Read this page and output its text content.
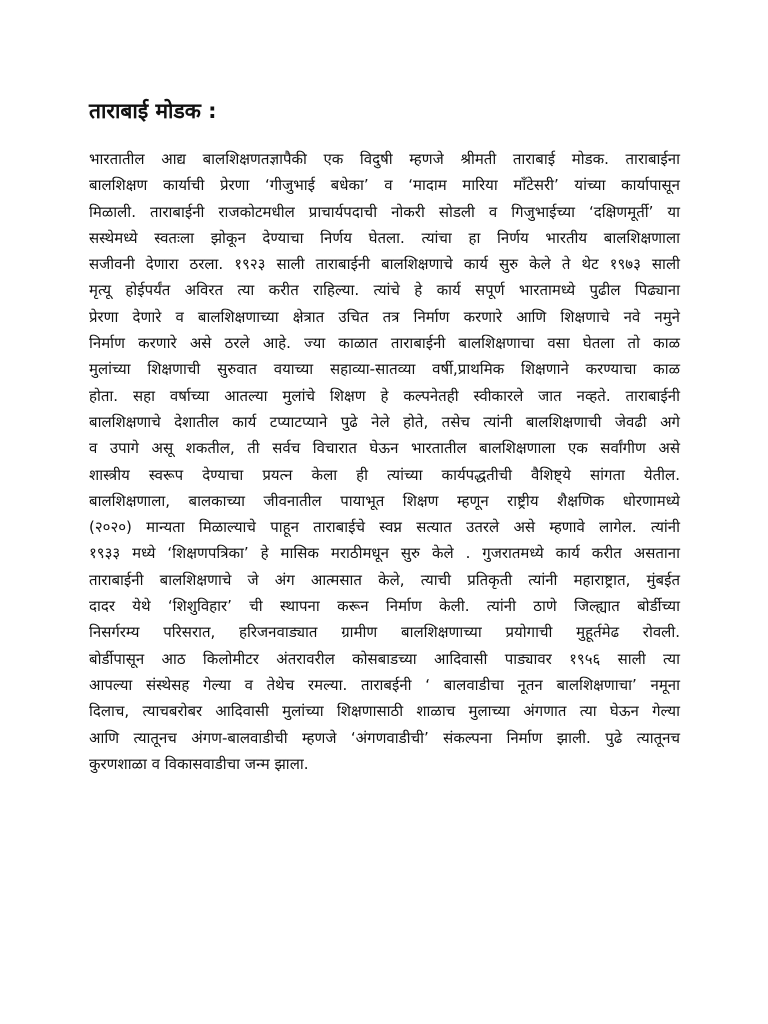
ताराबाई मोडक :
भारतातील आद्य बालशिक्षणतज्ञापैकी एक विदुषी म्हणजे श्रीमती ताराबाई मोडक. ताराबाईना
बालशिक्षण कार्याची प्रेरणा ‘गीजुभाई बधेका’ व ‘मादाम मारिया माँटेसरी’ यांच्या कार्यापासून
मिळाली. ताराबाईनी राजकोटमधील प्राचार्यपदाची नोकरी सोडली व गिजुभाईच्या ‘दक्षिणमूर्ती’ या
सस्थेमध्ये स्वतःला झोकून देण्याचा निर्णय घेतला. त्यांचा हा निर्णय भारतीय बालशिक्षणाला
सजीवनी देणारा ठरला. १९२३ साली ताराबाईनी बालशिक्षणाचे कार्य सुरु केले ते थेट १९७३ साली
मृत्यू होईपर्यंत अविरत त्या करीत राहिल्या. त्यांचे हे कार्य सपूर्ण भारतामध्ये पुढील पिढ्याना
प्रेरणा देणारे व बालशिक्षणाच्या क्षेत्रात उचित तत्र निर्माण करणारे आणि शिक्षणाचे नवे नमुने
निर्माण करणारे असे ठरले आहे. ज्या काळात ताराबाईनी बालशिक्षणाचा वसा घेतला तो काळ
मुलांच्या शिक्षणाची सुरुवात वयाच्या सहाव्या-सातव्या वर्षी,प्राथमिक शिक्षणाने करण्याचा काळ
होता. सहा वर्षाच्या आतल्या मुलांचे शिक्षण हे कल्पनेतही स्वीकारले जात नव्हते. ताराबाईनी
बालशिक्षणाचे देशातील कार्य टप्याटप्याने पुढे नेले होते, तसेच त्यांनी बालशिक्षणाची जेवढी अगे
व उपागे असू शकतील, ती सर्वच विचारात घेऊन भारतातील बालशिक्षणाला एक सर्वांगीण असे
शास्त्रीय स्वरूप देण्याचा प्रयत्न केला ही त्यांच्या कार्यपद्धतीची वैशिष्ट्ये सांगता येतील.
बालशिक्षणाला, बालकाच्या जीवनातील पायाभूत शिक्षण म्हणून राष्ट्रीय शैक्षणिक धोरणामध्ये
(२०२०) मान्यता मिळाल्याचे पाहून ताराबाईचे स्वप्न सत्यात उतरले असे म्हणावे लागेल. त्यांनी
१९३३ मध्ये ‘शिक्षणपत्रिका’ हे मासिक मराठीमधून सुरु केले . गुजरातमध्ये कार्य करीत असताना
ताराबाईनी बालशिक्षणाचे जे अंग आत्मसात केले, त्याची प्रतिकृती त्यांनी महाराष्ट्रात, मुंबईत
दादर येथे ‘शिशुविहार’ ची स्थापना करून निर्माण केली. त्यांनी ठाणे जिल्ह्यात बोर्डीच्या
निसर्गरम्य परिसरात, हरिजनवाड्यात ग्रामीण बालशिक्षणाच्या प्रयोगाची मुहूर्तमेढ रोवली.
बोर्डीपासून आठ किलोमीटर अंतरावरील कोसबाडच्या आदिवासी पाड्यावर १९५६ साली त्या
आपल्या संस्थेसह गेल्या व तेथेच रमल्या. ताराबईनी ‘ बालवाडीचा नूतन बालशिक्षणाचा’ नमूना
दिलाच, त्याचबरोबर आदिवासी मुलांच्या शिक्षणासाठी शाळाच मुलाच्या अंगणात त्या घेऊन गेल्या
आणि त्यातूनच अंगण-बालवाडीची म्हणजे ‘अंगणवाडीची’ संकल्पना निर्माण झाली. पुढे त्यातूनच
कुरणशाळा व विकासवाडीचा जन्म झाला.
